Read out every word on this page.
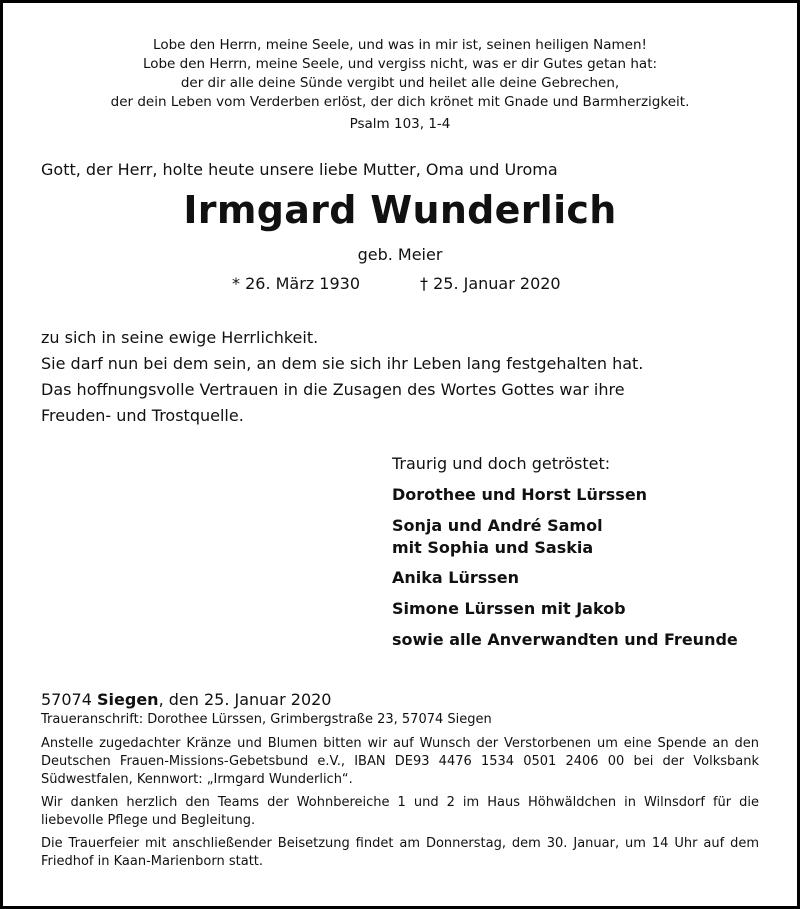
Lobe den Herrn, meine Seele, und was in mir ist, seinen heiligen Namen!
Lobe den Herrn, meine Seele, und vergiss nicht, was er dir Gutes getan hat:
der dir alle deine Sünde vergibt und heilet alle deine Gebrechen,
der dein Leben vom Verderben erlöst, der dich krönet mit Gnade und Barmherzigkeit.
Psalm 103, 1-4
Gott, der Herr, holte heute unsere liebe Mutter, Oma und Uroma
Irmgard Wunderlich
geb. Meier
* 26. März 1930	† 25. Januar 2020
zu sich in seine ewige Herrlichkeit.
Sie darf nun bei dem sein, an dem sie sich ihr Leben lang festgehalten hat.
Das hoffnungsvolle Vertrauen in die Zusagen des Wortes Gottes war ihre
Freuden- und Trostquelle.
Traurig und doch getröstet:
Dorothee und Horst Lürssen
Sonja und André Samol
mit Sophia und Saskia
Anika Lürssen
Simone Lürssen mit Jakob
sowie alle Anverwandten und Freunde
57074 Siegen, den 25. Januar 2020
Traueranschrift: Dorothee Lürssen, Grimbergstraße 23, 57074 Siegen
Anstelle zugedachter Kränze und Blumen bitten wir auf Wunsch der Verstorbenen um eine Spende an den Deutschen Frauen-Missions-Gebetsbund e.V., IBAN DE93 4476 1534 0501 2406 00 bei der Volksbank Südwestfalen, Kennwort: „Irmgard Wunderlich“.
Wir danken herzlich den Teams der Wohnbereiche 1 und 2 im Haus Höhwäldchen in Wilnsdorf für die liebevolle Pflege und Begleitung.
Die Trauerfeier mit anschließender Beisetzung findet am Donnerstag, dem 30. Januar, um 14 Uhr auf dem Friedhof in Kaan-Marienborn statt.
